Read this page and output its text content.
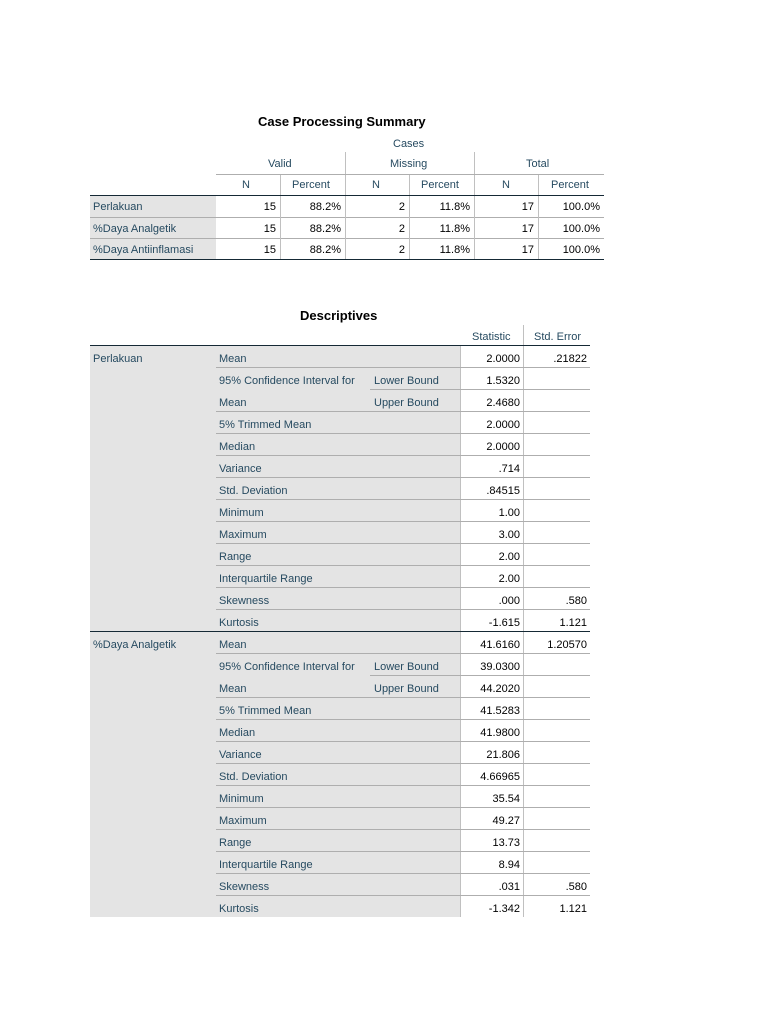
Case Processing Summary
Cases
Valid	Missing	Total
N	Percent	N	Percent	N	Percent
Perlakuan	15	88.2%	2	11.8%	17	100.0%
%Daya Analgetik	15	88.2%	2	11.8%	17	100.0%
%Daya Antiinflamasi	15	88.2%	2	11.8%	17	100.0%
Descriptives
Statistic Std. Error
Perlakuan	Mean	2.0000	.21822
95% Confidence Interval for Lower Bound	1.5320
Mean	Upper Bound	2.4680
5% Trimmed Mean	2.0000
Median	2.0000
Variance	.714
Std. Deviation	.84515
Minimum	1.00
Maximum	3.00
Range	2.00
Interquartile Range	2.00
Skewness	.000	.580
Kurtosis	-1.615	1.121
%Daya Analgetik	Mean	41.6160	1.20570
95% Confidence Interval for Lower Bound	39.0300
Mean	Upper Bound	44.2020
5% Trimmed Mean	41.5283
Median	41.9800
Variance	21.806
Std. Deviation	4.66965
Minimum	35.54
Maximum	49.27
Range	13.73
Interquartile Range	8.94
Skewness	.031	.580
Kurtosis	-1.342	1.121
